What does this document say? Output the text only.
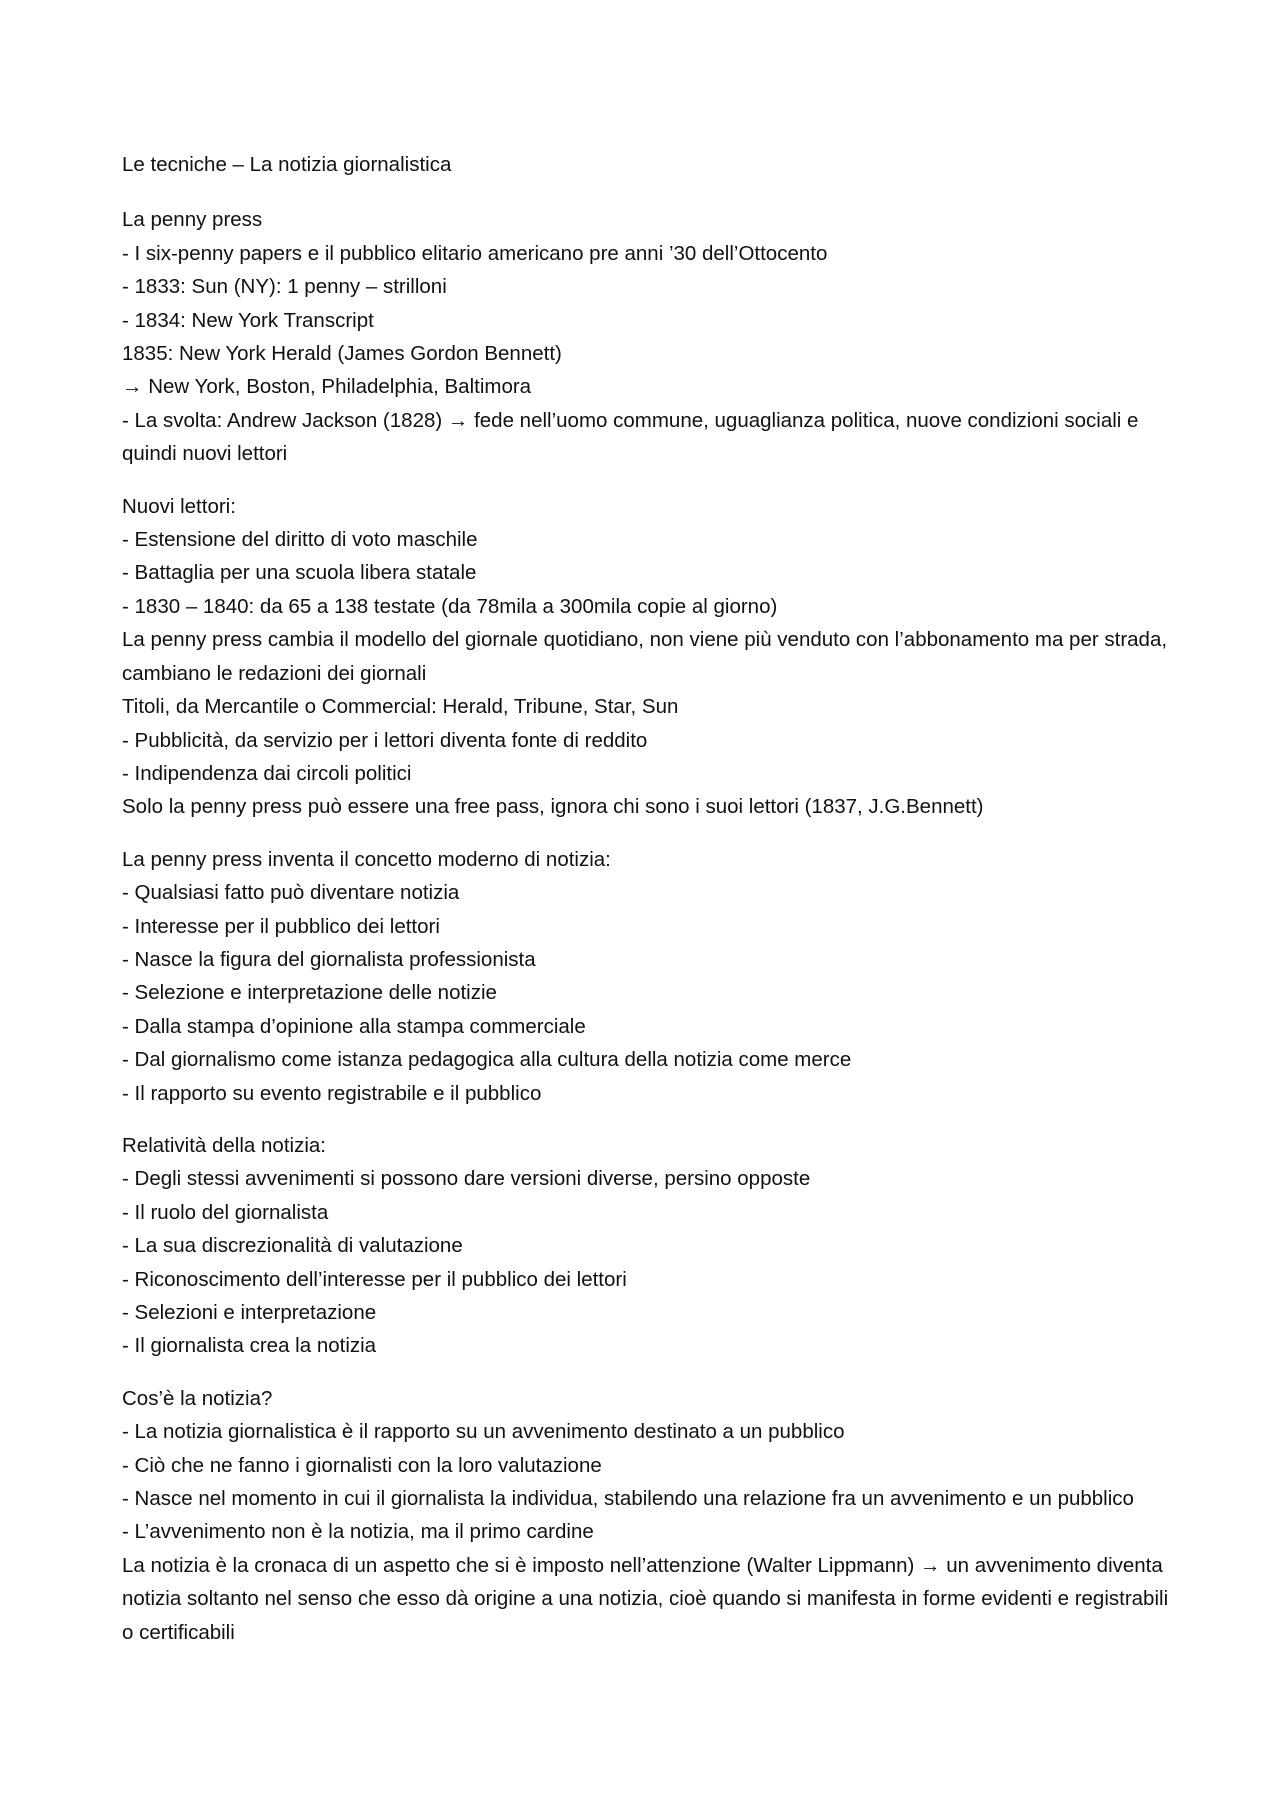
Le tecniche – La notizia giornalistica
La penny press
- I six-penny papers e il pubblico elitario americano pre anni ’30 dell’Ottocento
- 1833: Sun (NY): 1 penny – strilloni
- 1834: New York Transcript
1835: New York Herald (James Gordon Bennett)
→ New York, Boston, Philadelphia, Baltimora
- La svolta: Andrew Jackson (1828) → fede nell’uomo commune, uguaglianza politica, nuove condizioni sociali e quindi nuovi lettori
Nuovi lettori:
- Estensione del diritto di voto maschile
- Battaglia per una scuola libera statale
- 1830 – 1840: da 65 a 138 testate (da 78mila a 300mila copie al giorno)
La penny press cambia il modello del giornale quotidiano, non viene più venduto con l’abbonamento ma per strada, cambiano le redazioni dei giornali
Titoli, da Mercantile o Commercial: Herald, Tribune, Star, Sun
- Pubblicità, da servizio per i lettori diventa fonte di reddito
- Indipendenza dai circoli politici
Solo la penny press può essere una free pass, ignora chi sono i suoi lettori (1837, J.G.Bennett)
La penny press inventa il concetto moderno di notizia:
- Qualsiasi fatto può diventare notizia
- Interesse per il pubblico dei lettori
- Nasce la figura del giornalista professionista
- Selezione e interpretazione delle notizie
- Dalla stampa d’opinione alla stampa commerciale
- Dal giornalismo come istanza pedagogica alla cultura della notizia come merce
- Il rapporto su evento registrabile e il pubblico
Relatività della notizia:
- Degli stessi avvenimenti si possono dare versioni diverse, persino opposte
- Il ruolo del giornalista
- La sua discrezionalità di valutazione
- Riconoscimento dell’interesse per il pubblico dei lettori
- Selezioni e interpretazione
- Il giornalista crea la notizia
Cos’è la notizia?
- La notizia giornalistica è il rapporto su un avvenimento destinato a un pubblico
- Ciò che ne fanno i giornalisti con la loro valutazione
- Nasce nel momento in cui il giornalista la individua, stabilendo una relazione fra un avvenimento e un pubblico
- L’avvenimento non è la notizia, ma il primo cardine
La notizia è la cronaca di un aspetto che si è imposto nell’attenzione (Walter Lippmann) → un avvenimento diventa notizia soltanto nel senso che esso dà origine a una notizia, cioè quando si manifesta in forme evidenti e registrabili o certificabili
